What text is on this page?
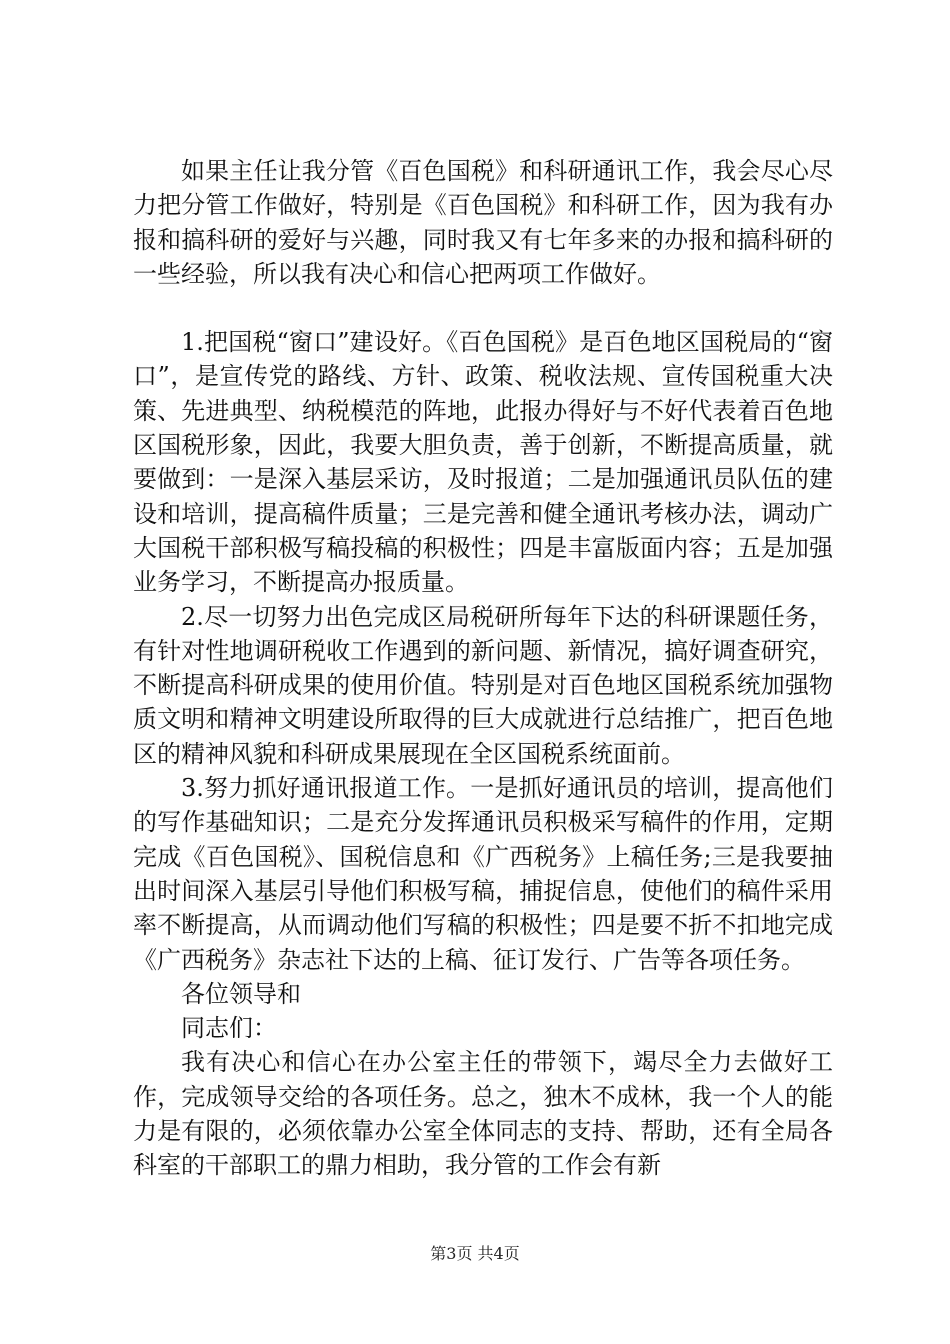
如果主任让我分管《百色国税》和科研通讯工作，我会尽心尽力把分管工作做好，特别是《百色国税》和科研工作，因为我有办报和搞科研的爱好与兴趣，同时我又有七年多来的办报和搞科研的一些经验，所以我有决心和信心把两项工作做好。

1.把国税“窗口”建设好。《百色国税》是百色地区国税局的“窗口”，是宣传党的路线、方针、政策、税收法规、宣传国税重大决策、先进典型、纳税模范的阵地，此报办得好与不好代表着百色地区国税形象，因此，我要大胆负责，善于创新，不断提高质量，就要做到：一是深入基层采访，及时报道；二是加强通讯员队伍的建设和培训，提高稿件质量；三是完善和健全通讯考核办法，调动广大国税干部积极写稿投稿的积极性；四是丰富版面内容；五是加强业务学习，不断提高办报质量。

2.尽一切努力出色完成区局税研所每年下达的科研课题任务，有针对性地调研税收工作遇到的新问题、新情况，搞好调查研究，不断提高科研成果的使用价值。特别是对百色地区国税系统加强物质文明和精神文明建设所取得的巨大成就进行总结推广，把百色地区的精神风貌和科研成果展现在全区国税系统面前。

3.努力抓好通讯报道工作。一是抓好通讯员的培训，提高他们的写作基础知识；二是充分发挥通讯员积极采写稿件的作用，定期完成《百色国税》、国税信息和《广西税务》上稿任务;三是我要抽出时间深入基层引导他们积极写稿，捕捉信息，使他们的稿件采用率不断提高，从而调动他们写稿的积极性；四是要不折不扣地完成《广西税务》杂志社下达的上稿、征订发行、广告等各项任务。

各位领导和

同志们：

我有决心和信心在办公室主任的带领下，竭尽全力去做好工作，完成领导交给的各项任务。总之，独木不成林，我一个人的能力是有限的，必须依靠办公室全体同志的支持、帮助，还有全局各科室的干部职工的鼎力相助，我分管的工作会有新

第3页 共4页
